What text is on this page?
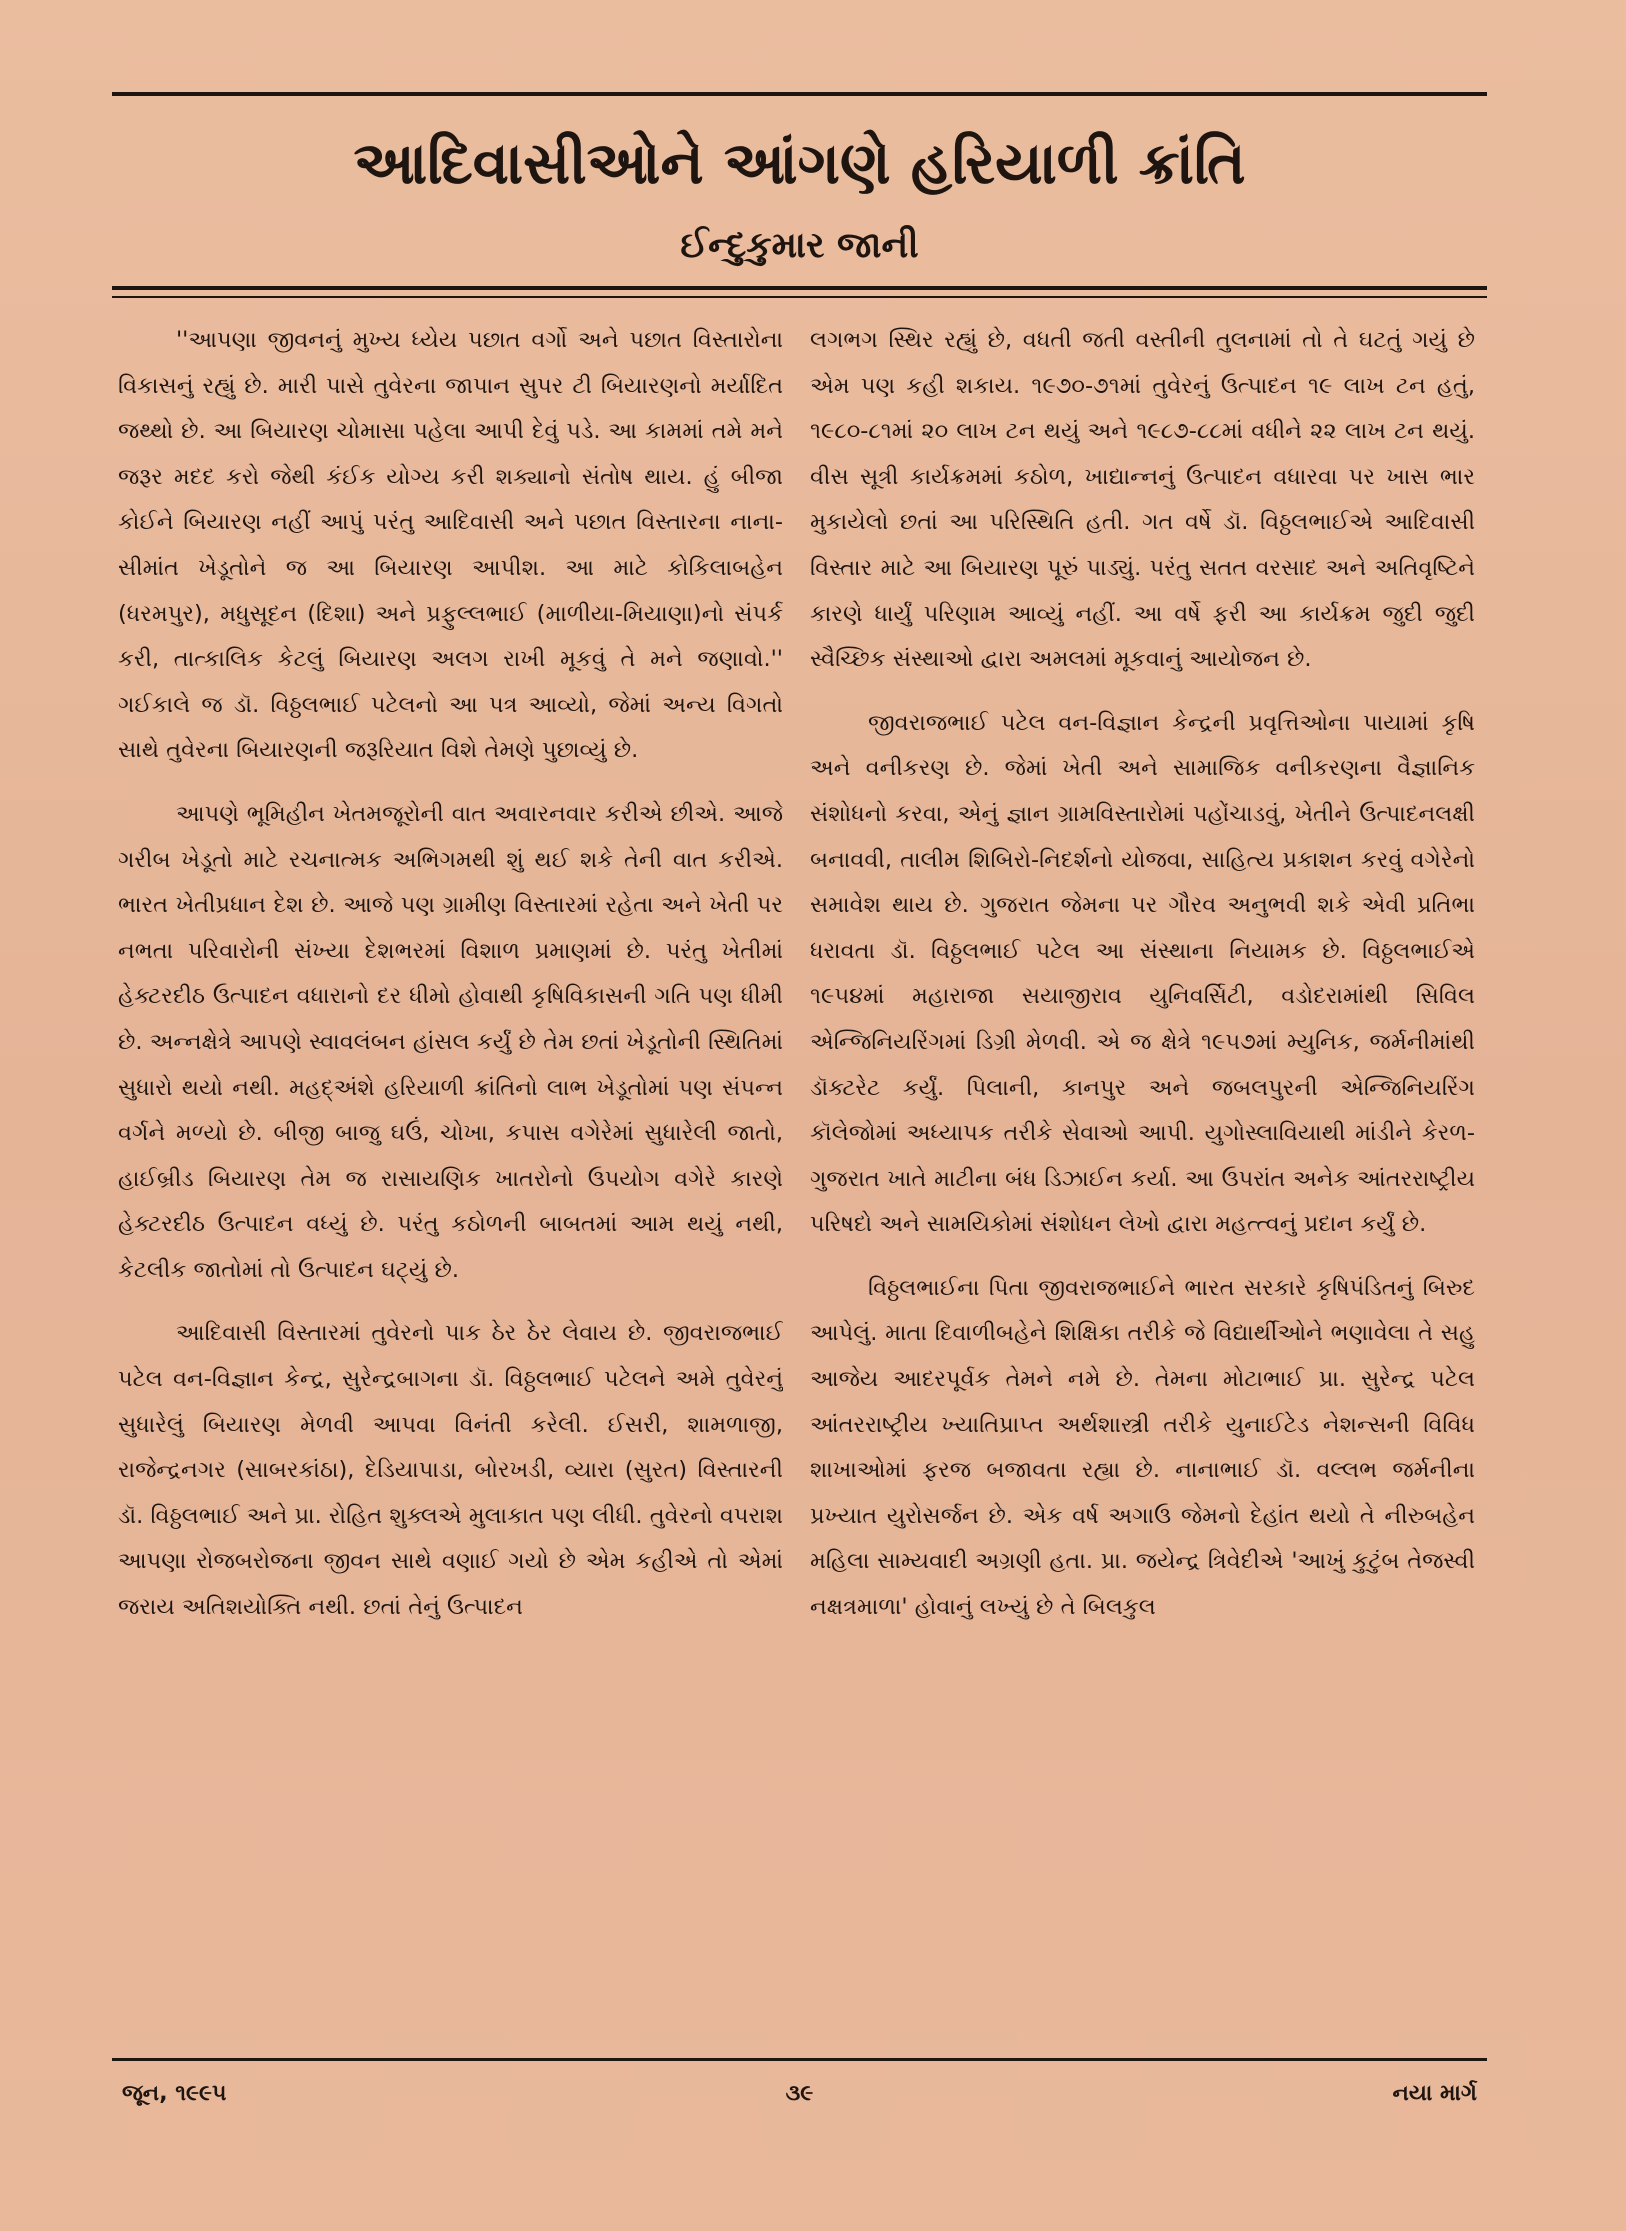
આદિવાસીઓને આંગણે હરિયાળી ક્રાંતિ
ઈન્દુકુમાર જાની

''આપણા જીવનનું મુખ્ય ધ્યેય પછાત વર્ગો અને પછાત વિસ્તારોના વિકાસનું રહ્યું છે. મારી પાસે તુવેરના જાપાન સુપર ટી બિયારણનો મર્યાદિત જથ્થો છે. આ બિયારણ ચોમાસા પહેલા આપી દેવું પડે. આ કામમાં તમે મને જરૂર મદદ કરો જેથી કંઈક યોગ્ય કરી શક્યાનો સંતોષ થાય. હું બીજા કોઈને બિયારણ નહીં આપું પરંતુ આદિવાસી અને પછાત વિસ્તારના નાના-સીમાંત ખેડૂતોને જ આ બિયારણ આપીશ. આ માટે કોકિલાબહેન (ધરમપુર), મધુસૂદન (દિશા) અને પ્રફુલ્લભાઈ (માળીયા-મિયાણા)નો સંપર્ક કરી, તાત્કાલિક કેટલું બિયારણ અલગ રાખી મૂકવું તે મને જણાવો.'' ગઈકાલે જ ડૉ. વિઠ્ઠલભાઈ પટેલનો આ પત્ર આવ્યો, જેમાં અન્ય વિગતો સાથે તુવેરના બિયારણની જરૂરિયાત વિશે તેમણે પુછાવ્યું છે.

આપણે ભૂમિહીન ખેતમજૂરોની વાત અવારનવાર કરીએ છીએ. આજે ગરીબ ખેડૂતો માટે રચનાત્મક અભિગમથી શું થઈ શકે તેની વાત કરીએ. ભારત ખેતીપ્રધાન દેશ છે. આજે પણ ગ્રામીણ વિસ્તારમાં રહેતા અને ખેતી પર નભતા પરિવારોની સંખ્યા દેશભરમાં વિશાળ પ્રમાણમાં છે. પરંતુ ખેતીમાં હેક્ટરદીઠ ઉત્પાદન વધારાનો દર ધીમો હોવાથી કૃષિવિકાસની ગતિ પણ ધીમી છે. અન્નક્ષેત્રે આપણે સ્વાવલંબન હાંસલ કર્યું છે તેમ છતાં ખેડૂતોની સ્થિતિમાં સુધારો થયો નથી. મહદ્‌અંશે હરિયાળી ક્રાંતિનો લાભ ખેડૂતોમાં પણ સંપન્ન વર્ગને મળ્યો છે. બીજી બાજુ ઘઉં, ચોખા, કપાસ વગેરેમાં સુધારેલી જાતો, હાઈબ્રીડ બિયારણ તેમ જ રાસાયણિક ખાતરોનો ઉપયોગ વગેરે કારણે હેક્ટરદીઠ ઉત્પાદન વધ્યું છે. પરંતુ કઠોળની બાબતમાં આમ થયું નથી, કેટલીક જાતોમાં તો ઉત્પાદન ઘટ્યું છે.

આદિવાસી વિસ્તારમાં તુવેરનો પાક ઠેર ઠેર લેવાય છે. જીવરાજભાઈ પટેલ વન-વિજ્ઞાન કેન્દ્ર, સુરેન્દ્રબાગના ડૉ. વિઠ્ઠલભાઈ પટેલને અમે તુવેરનું સુધારેલું બિયારણ મેળવી આપવા વિનંતી કરેલી. ઈસરી, શામળાજી, રાજેન્દ્રનગર (સાબરકાંઠા), દેડિયાપાડા, બોરખડી, વ્યારા (સુરત) વિસ્તારની ડૉ. વિઠ્ઠલભાઈ અને પ્રા. રોહિત શુક્લએ મુલાકાત પણ લીધી. તુવેરનો વપરાશ આપણા રોજબરોજના જીવન સાથે વણાઈ ગયો છે એમ કહીએ તો એમાં જરાય અતિશયોક્તિ નથી. છતાં તેનું ઉત્પાદન

લગભગ સ્થિર રહ્યું છે, વધતી જતી વસ્તીની તુલનામાં તો તે ઘટતું ગયું છે એમ પણ કહી શકાય. ૧૯૭૦-૭૧માં તુવેરનું ઉત્પાદન ૧૯ લાખ ટન હતું, ૧૯૮૦-૮૧માં ૨૦ લાખ ટન થયું અને ૧૯૮૭-૮૮માં વધીને ૨૨ લાખ ટન થયું. વીસ સૂત્રી કાર્યક્રમમાં કઠોળ, ખાદ્યાન્નનું ઉત્પાદન વધારવા પર ખાસ ભાર મુકાયેલો છતાં આ પરિસ્થિતિ હતી. ગત વર્ષે ડૉ. વિઠ્ઠલભાઈએ આદિવાસી વિસ્તાર માટે આ બિયારણ પૂરું પાડ્યું. પરંતુ સતત વરસાદ અને અતિવૃષ્ટિને કારણે ધાર્યું પરિણામ આવ્યું નહીં. આ વર્ષે ફરી આ કાર્યક્રમ જુદી જુદી સ્વૈચ્છિક સંસ્થાઓ દ્વારા અમલમાં મૂકવાનું આયોજન છે.

જીવરાજભાઈ પટેલ વન-વિજ્ઞાન કેન્દ્રની પ્રવૃત્તિઓના પાયામાં કૃષિ અને વનીકરણ છે. જેમાં ખેતી અને સામાજિક વનીકરણના વૈજ્ઞાનિક સંશોધનો કરવા, એનું જ્ઞાન ગ્રામવિસ્તારોમાં પહોંચાડવું, ખેતીને ઉત્પાદનલક્ષી બનાવવી, તાલીમ શિબિરો-નિદર્શનો યોજવા, સાહિત્ય પ્રકાશન કરવું વગેરેનો સમાવેશ થાય છે. ગુજરાત જેમના પર ગૌરવ અનુભવી શકે એવી પ્રતિભા ધરાવતા ડૉ. વિઠ્ઠલભાઈ પટેલ આ સંસ્થાના નિયામક છે. વિઠ્ઠલભાઈએ ૧૯૫૪માં મહારાજા સયાજીરાવ યુનિવર્સિટી, વડોદરામાંથી સિવિલ એન્જિનિયરિંગમાં ડિગ્રી મેળવી. એ જ ક્ષેત્રે ૧૯૫૭માં મ્યુનિક, જર્મનીમાંથી ડૉક્ટરેટ કર્યું. પિલાની, કાનપુર અને જબલપુરની એન્જિનિયરિંગ કૉલેજોમાં અધ્યાપક તરીકે સેવાઓ આપી. યુગોસ્લાવિયાથી માંડીને કેરળ-ગુજરાત ખાતે માટીના બંધ ડિઝાઈન કર્યા. આ ઉપરાંત અનેક આંતરરાષ્ટ્રીય પરિષદો અને સામયિકોમાં સંશોધન લેખો દ્વારા મહત્ત્વનું પ્રદાન કર્યું છે.

વિઠ્ઠલભાઈના પિતા જીવરાજભાઈને ભારત સરકારે કૃષિપંડિતનું બિરુદ આપેલું. માતા દિવાળીબહેને શિક્ષિકા તરીકે જે વિદ્યાર્થીઓને ભણાવેલા તે સહુ આજેય આદરપૂર્વક તેમને નમે છે. તેમના મોટાભાઈ પ્રા. સુરેન્દ્ર પટેલ આંતરરાષ્ટ્રીય ખ્યાતિપ્રાપ્ત અર્થશાસ્ત્રી તરીકે યુનાઈટેડ નેશન્સની વિવિધ શાખાઓમાં ફરજ બજાવતા રહ્યા છે. નાનાભાઈ ડૉ. વલ્લભ જર્મનીના પ્રખ્યાત યુરોસર્જન છે. એક વર્ષ અગાઉ જેમનો દેહાંત થયો તે નીરુબહેન મહિલા સામ્યવાદી અગ્રણી હતા. પ્રા. જયેન્દ્ર ત્રિવેદીએ 'આખું કુટુંબ તેજસ્વી નક્ષત્રમાળા' હોવાનું લખ્યું છે તે બિલકુલ

જૂન, ૧૯૯૫	૩૯	નયા માર્ગ
